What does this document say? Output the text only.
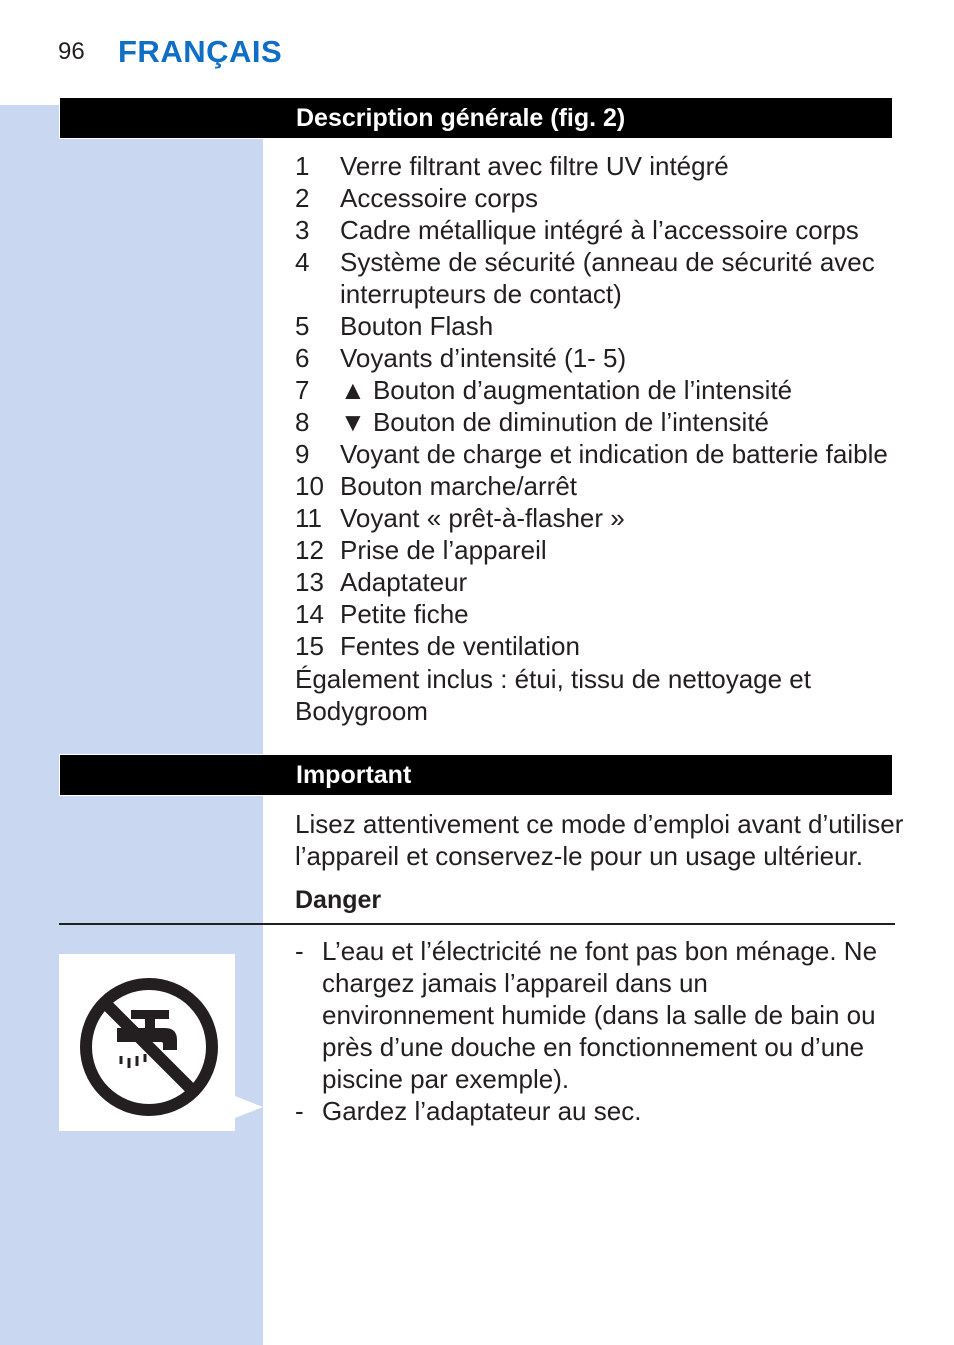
96 FRANÇAIS
Description générale (fig. 2)
1 Verre filtrant avec filtre UV intégré
2 Accessoire corps
3 Cadre métallique intégré à l’accessoire corps
4 Système de sécurité (anneau de sécurité avec interrupteurs de contact)
5 Bouton Flash
6 Voyants d’intensité (1- 5)
7 ▲ Bouton d’augmentation de l’intensité
8 ▼ Bouton de diminution de l’intensité
9 Voyant de charge et indication de batterie faible
10 Bouton marche/arrêt
11 Voyant « prêt-à-flasher »
12 Prise de l’appareil
13 Adaptateur
14 Petite fiche
15 Fentes de ventilation
Également inclus : étui, tissu de nettoyage et Bodygroom
Important
Lisez attentivement ce mode d’emploi avant d’utiliser l’appareil et conservez-le pour un usage ultérieur.
Danger
- L’eau et l’électricité ne font pas bon ménage. Ne chargez jamais l’appareil dans un environnement humide (dans la salle de bain ou près d’une douche en fonctionnement ou d’une piscine par exemple).
- Gardez l’adaptateur au sec.
